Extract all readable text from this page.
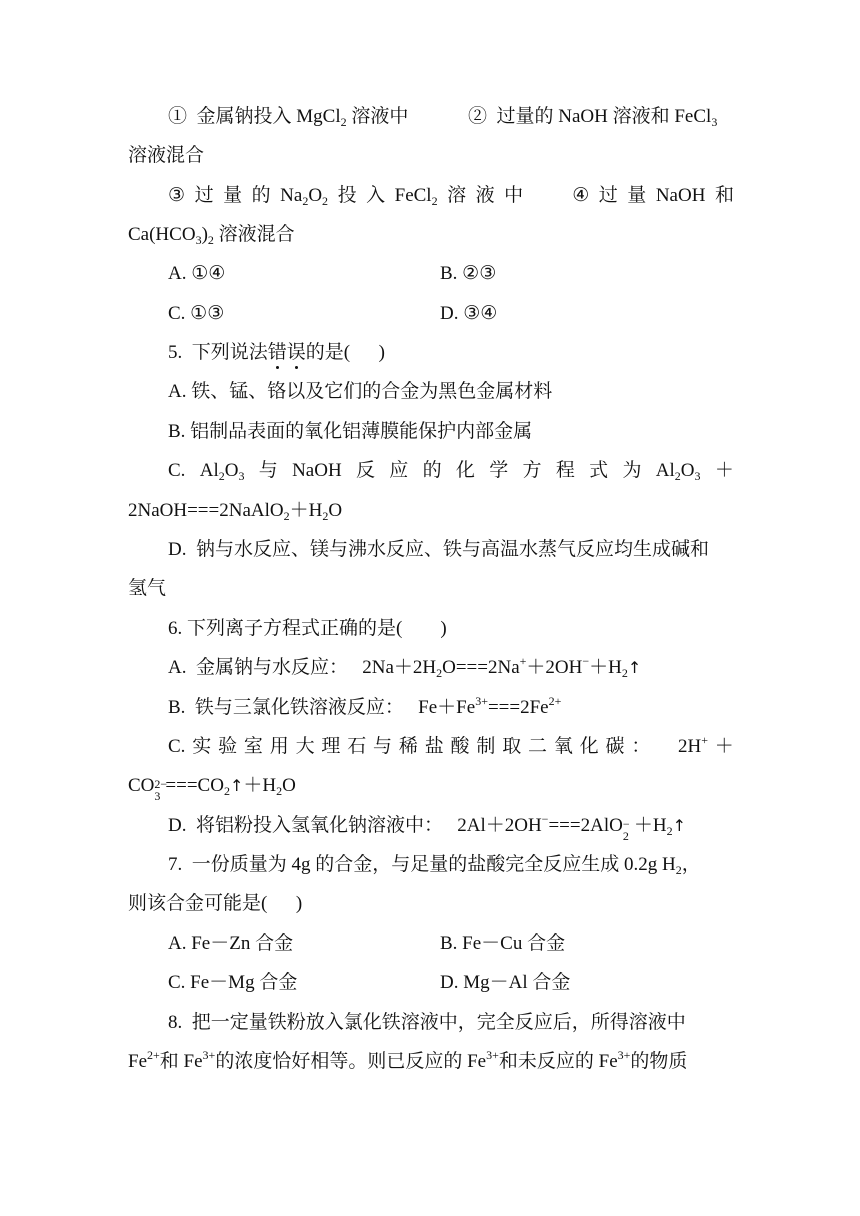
①  金属钠投入 MgCl$_2$ 溶液中	②  过量的 NaOH 溶液和 FeCl$_3$
溶液混合
③ 过 量 的 $Na_2O_2$ 投 入 FeCl$_2$ 溶 液 中	④ 过 量 NaOH 和
$Ca(HCO_3)_2$ 溶液混合
A. ①④	B. ②③
C. ①③	D. ③④
5.  下列说法错
误
的是(      )
A. 铁、锰、铬以及它们的合金为黑色金属材料
B. 铝制品表面的氧化铝薄膜能保护内部金属
C. $Al_2O_3$ 与 NaOH 反 应 的 化 学 方 程 式 为 $Al_2O_3$ ＋
$2NaOH===2NaAlO_2+H_2O$
D.  钠与水反应、镁与沸水反应、铁与高温水蒸气反应均生成碱和
氢气
6. 下列离子方程式正确的是(　　)
A.  金属钠与水反应：   $2Na+2H_2O===2Na^++2OH^-+H_2↑$
B.  铁与三氯化铁溶液反应：   $Fe+Fe^{3+}===2Fe^{2+}$
C. 实 验 室 用 大 理 石 与 稀 盐 酸 制 取 二 氧 化 碳 ： 2H+ ＋
CO 2−
$3 ===CO_2↑+H_2O$
D.  将铝粉投入氢氧化钠溶液中：   2Al＋2OH−===2AlO −
$2 +H_2↑$
7.  一份质量为 4g 的合金，与足量的盐酸完全反应生成 0.2g $H_2$，
则该合金可能是(      )
A. Fe－Zn 合金	B. Fe－Cu 合金
C. Fe－Mg 合金	D. Mg－Al 合金
8.  把一定量铁粉放入氯化铁溶液中，完全反应后，所得溶液中
$Fe^{2+}$和 $Fe^{3+}$的浓度恰好相等。则已反应的 $Fe^{3+}$和未反应的 $Fe^{3+}$的物质
